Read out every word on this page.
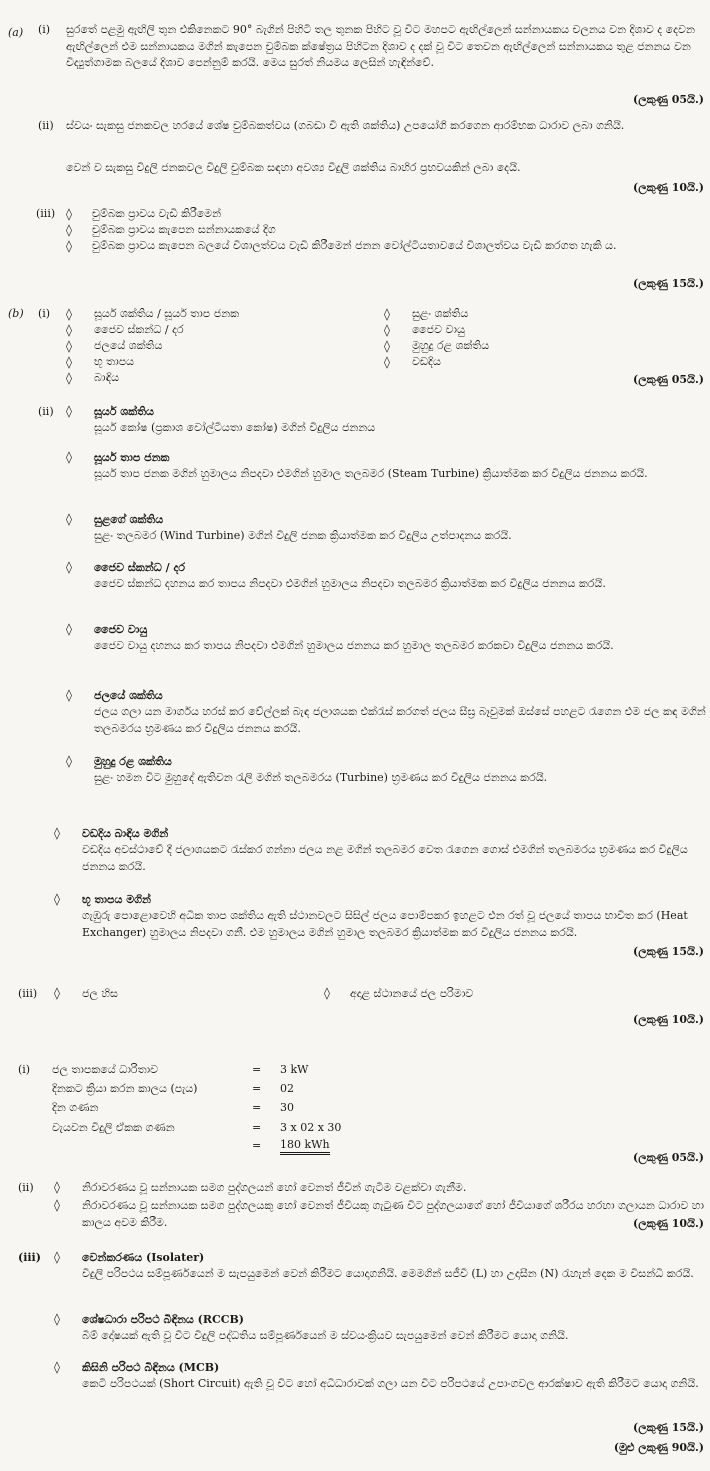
(a) (i) සුරතේ පළමු ඇඟිලි තුන එකිනෙකට 90° බැගින් පිහිටි තල තුනක පිහිට වූ විට මහපට ඇඟිල්ලෙන් සන්නායකය චලනය වන දිශාව ද දෙවන ඇඟිල්ලෙන් එම සන්නායකය මගින් කැපෙන චුම්බක ක්ෂේත්‍රය පිහිටන දිශාව ද දක් වූ විට තෙවන ඇඟිල්ලෙන් සන්නායකය තුළ ජනනය වන විද්‍යුත්ගාමක බලයේ දිශාව පෙන්නුම් කරයි. මෙය සුරත් නියමය ලෙසින් හැඳින්වේ.
(ලකුණු 05යි.)
(ii) ස්වයං සැකසු ජනකවල හරයේ ශේෂ චුම්බකත්වය (ගබඩා වී ඇති ශක්තිය) උපයෝගි කරගෙන ආරම්භක ධාරාව ලබා ගනියි.
වෙන් ව සැකසු විදුලි ජනකවල විදුලි චුම්බක සඳහා අවශ්‍ය විදුලි ශක්තිය බාහිර ප්‍රභවයකින් ලබා දෙයි.
(ලකුණු 10යි.)
(iii) ◊ චුම්බක ප්‍රාවය වැඩි කිරීමෙන්
◊ චුම්බක ප්‍රාවය කැපෙන සන්නායකයේ දිග
◊ චුම්බක ප්‍රාවය කැපෙන බලයේ විශාලත්වය වැඩි කිරීමෙන් ජනන වෝල්ටීයතාවයේ විශාලත්වය වැඩි කරගත හැකි ය.
(ලකුණු 15යි.)
(b) (i) ◊ සූර්ය ශක්තිය / සූර්ය තාප ජනක
◊ ජෛව ස්කන්ධ / දර
◊ ජලයේ ශක්තිය
◊ භූ තාපය
◊ බාඳිය
◊ සුළං ශක්තිය
◊ ජෛව වායු
◊ මුහුදු රළ ශක්තිය
◊ වඩදිය
(ලකුණු 05යි.)
(ii) ◊ සූර්ය ශක්තිය
සූර්ය කෝෂ (ප්‍රකාශ වෝල්ටීයතා කෝෂ) මගින් විදුලිය ජනනය
◊ සූර්ය තාප ජනක
සූර්ය තාප ජනක මගින් හුමාලය නිපදවා එමගින් හුමාල තලබමර (Steam Turbine) ක්‍රියාත්මක කර විදුලිය ජනනය කරයි.
◊ සුළගේ ශක්තිය
සුළං තලබමර (Wind Turbine) මගින් විදුලි ජනක ක්‍රියාත්මක කර විදුලිය උත්පාදනය කරයි.
◊ ජෛව ස්කන්ධ / දර
ජෛව ස්කන්ධ දහනය කර තාපය නිපදවා එමගින් හුමාලය නිපදවා තලබමර ක්‍රියාත්මක කර විදුලිය ජනනය කරයි.
◊ ජෛව වායු
ජෛව වායු දහනය කර තාපය නිපදවා එමගින් හුමාලය ජනනය කර හුමාල තලබමර කරකවා විදුලිය ජනනය කරයි.
◊ ජලයේ ශක්තිය
ජලය ගලා යන මාර්ගය හරස් කර වේල්ලක් බැඳ ජලාශයක එක්රැස් කරගත් ජලය සීඝ්‍ර බෑවුමක් ඔස්සේ පහළට රැගෙන එම ජල කඳ මගින් තලබමරය භ්‍රමණය කර විදුලිය ජනනය කරයි.
◊ මුහුදු රළ ශක්තිය
සුළං හමන විට මුහුදේ ඇතිවන රැලි මගින් තලබමරය (Turbine) භ්‍රමණය කර විදුලිය ජනනය කරයි.
◊ වඩදිය බාඳිය මගින්
වඩදිය අවස්ථාවේ දී ජලාශයකට රැස්කර ගන්නා ජලය නළ මගින් තලබමර වෙත රැගෙන ගොස් එමගින් තලබමරය භ්‍රමණය කර විදුලිය ජනනය කරයි.
◊ භූ තාපය මගින්
ගැඹුරු පොළොවෙහි අධික තාප ශක්තිය ඇති ස්ථානවලට සිසිල් ජලය පොම්පකර ඉහළට එන රත් වූ ජලයේ තාපය භාවිත කර (Heat Exchanger) හුමාලය නිපදවා ගනී. එම හුමාලය මගින් හුමාල තලබමර ක්‍රියාත්මක කර විදුලිය ජනනය කරයි.
(ලකුණු 15යි.)
(iii) ◊ ජල හිස	◊ අදාළ ස්ථානයේ ජල පරිමාව
(ලකුණු 10යි.)
(i) ජල තාපකයේ ධාරිතාව	= 3 kW
දිනකට ක්‍රියා කරන කාලය (පැය)	= 02
දින ගණන	= 30
වැයවන විදුලි ඒකක ගණන	= 3 x 02 x 30
= 180 kWh
(ලකුණු 05යි.)
(ii) ◊ නිරාවරණය වූ සන්නායක සමග පුද්ගලයන් හෝ වෙනත් ජීවීන් ගැටීම වළක්වා ගැනීම.
◊ නිරාවරණය වූ සන්නායක සමග පුද්ගලයකු හෝ වෙනත් ජීවියකු ගැටුණ විට පුද්ගලයාගේ හෝ ජීවියාගේ ශරීරය හරහා ගලායන ධාරාව හා කාලය අවම කිරීම.	(ලකුණු 10යි.)
(iii) ◊ වෙන්කරණය (Isolater)
විදුලි පරිපථය සම්පූර්ණයෙන් ම සැපයුමෙන් වෙන් කිරීමට යොදාගනියි. මෙමගින් සජීවී (L) හා උදාසීන (N) රැහැන් දෙක ම විසන්ධි කරයි.
◊ ශේෂධාරා පරිපථ බිඳිනය (RCCB)
බිම් දෝෂයක් ඇති වූ විට විදුලි පද්ධතිය සම්පූර්ණයෙන් ම ස්වයංක්‍රියව සැපයුමෙන් වෙන් කිරීමට යොදා ගනියි.
◊ කිසිනි පරිපථ බිඳිනය (MCB)
කෙටි පරිපථයක් (Short Circuit) ඇති වූ විට හෝ අධිධාරාවක් ගලා යන විට පරිපථයේ උපාංගවල ආරක්ෂාව ඇති කිරීමට යොදා ගනියි.
(ලකුණු 15යි.)
(මුළු ලකුණු 90යි.)
